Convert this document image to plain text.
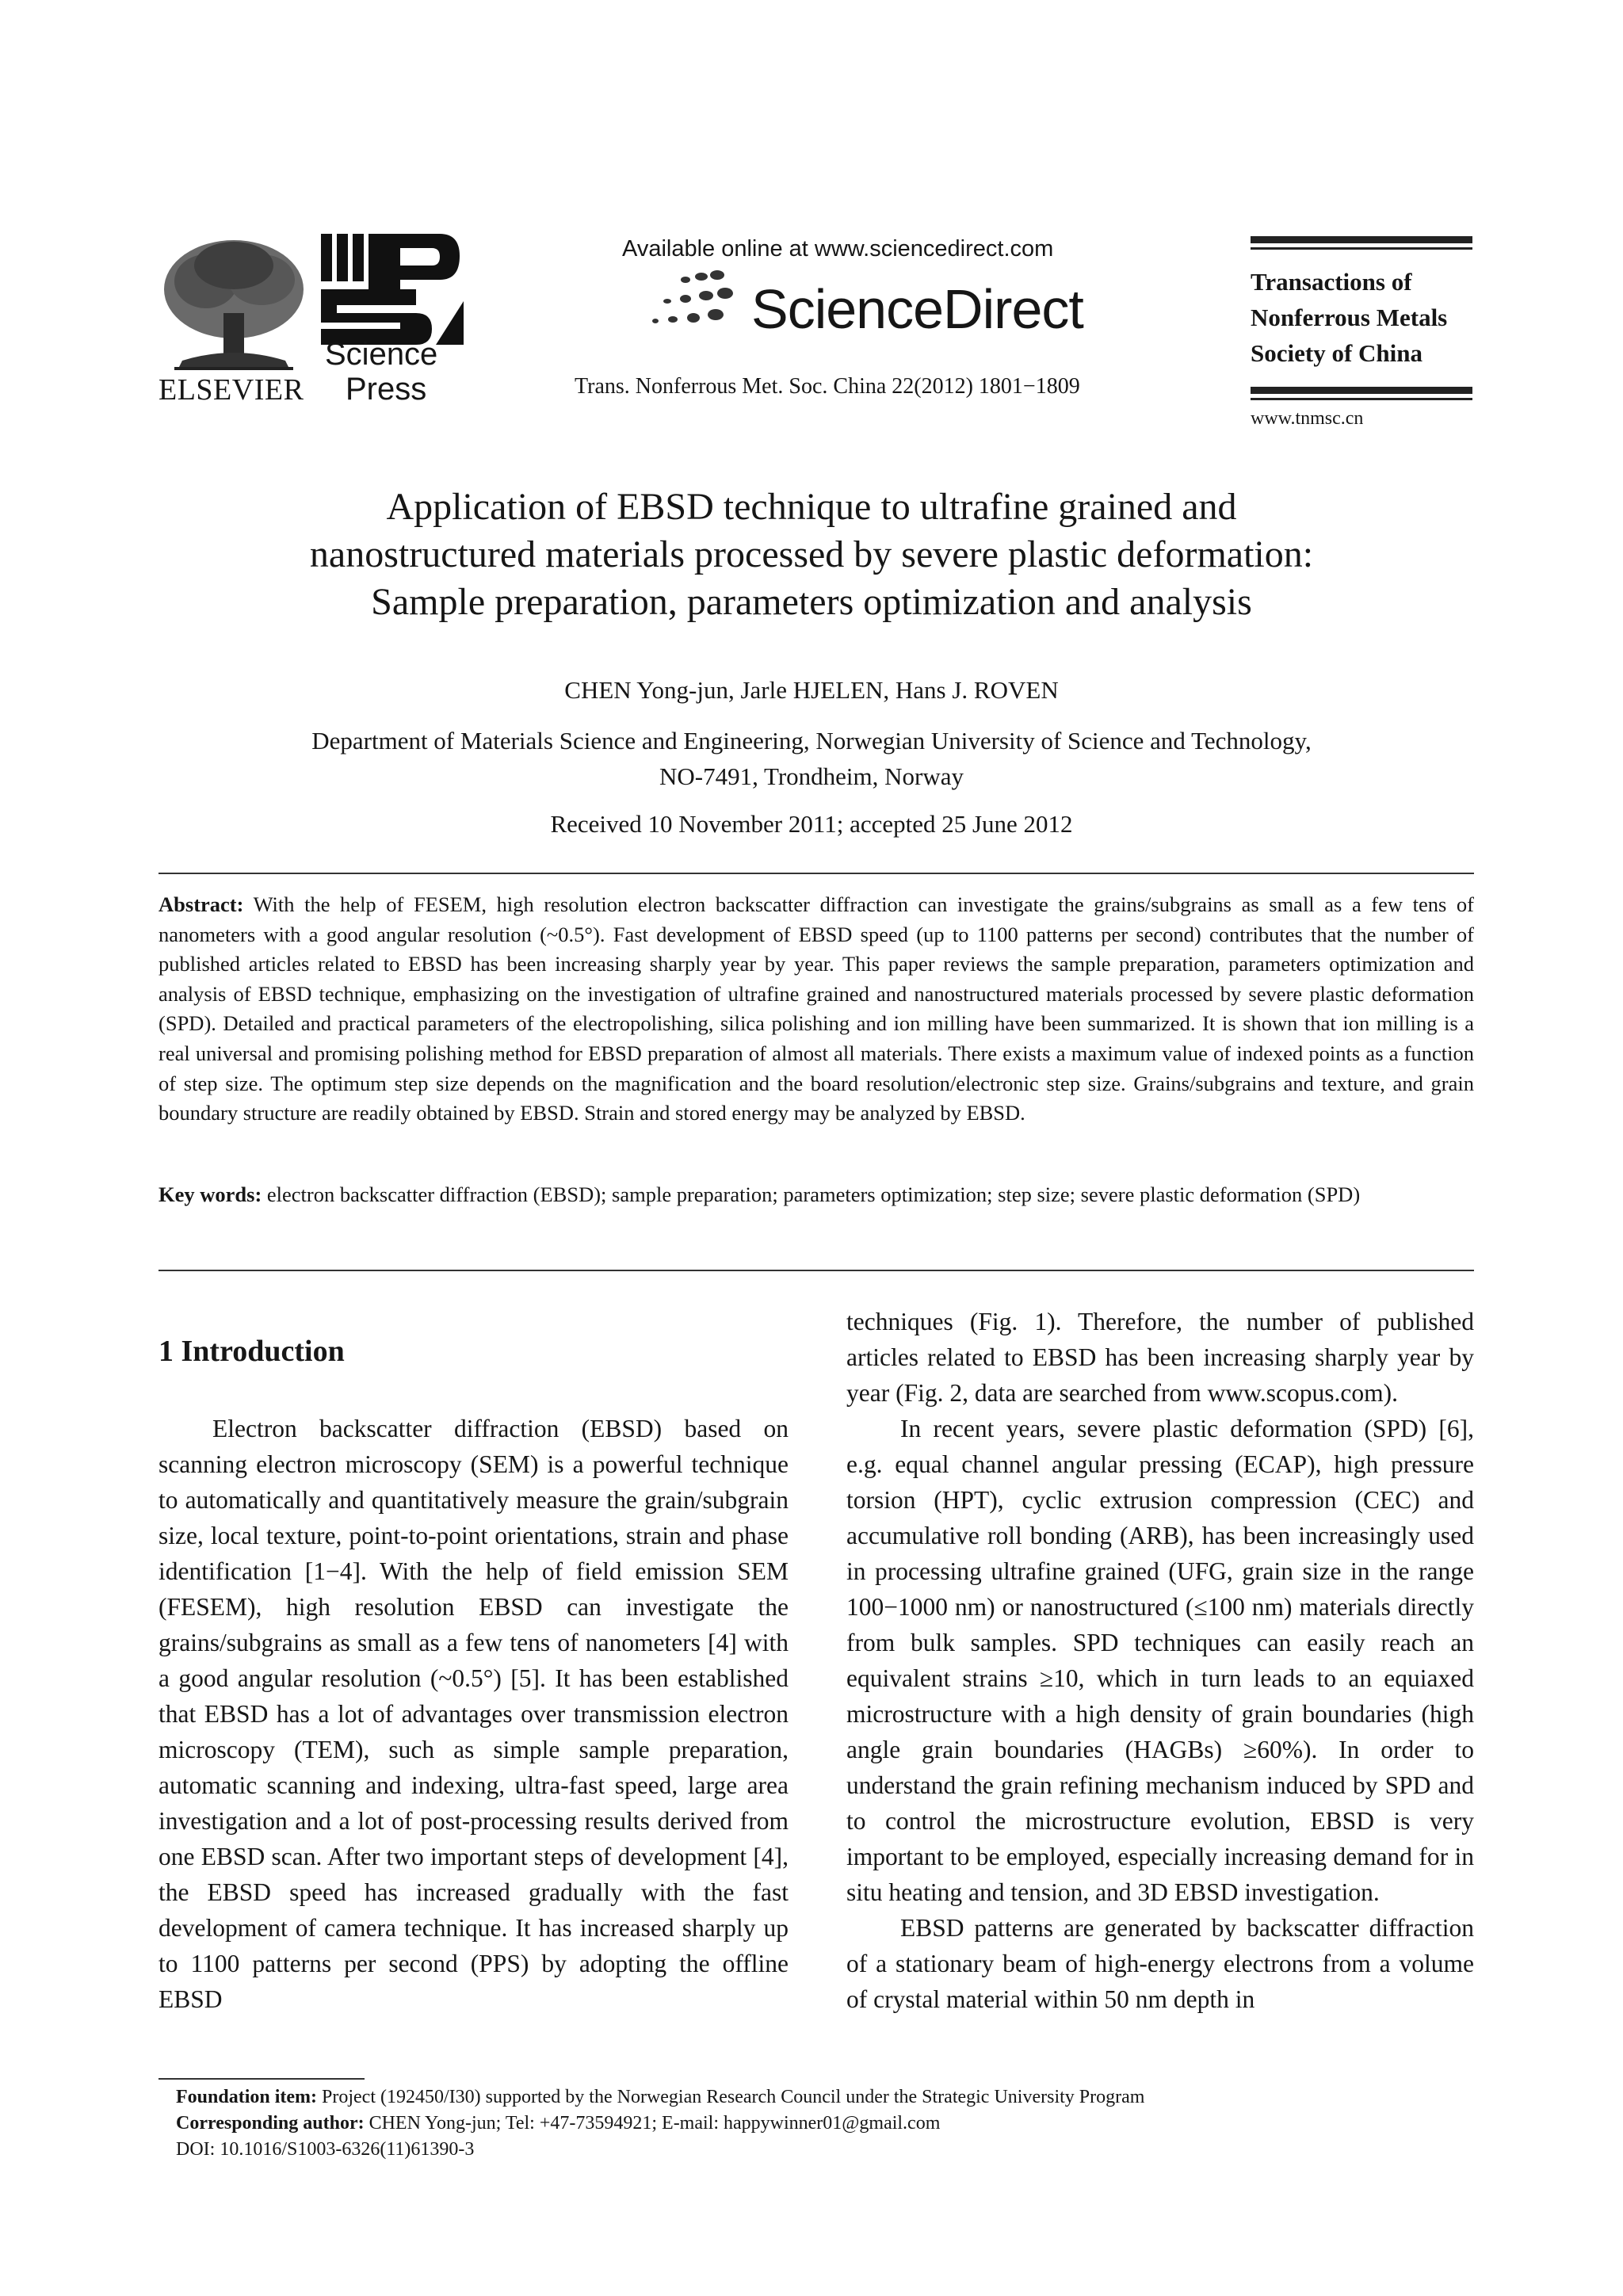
ELSEVIER
Science
Press
Available online at www.sciencedirect.com
ScienceDirect
Trans. Nonferrous Met. Soc. China 22(2012) 1801−1809
Transactions of
Nonferrous Metals
Society of China
www.tnmsc.cn
Application of EBSD technique to ultrafine grained and
nanostructured materials processed by severe plastic deformation:
Sample preparation, parameters optimization and analysis
CHEN Yong-jun, Jarle HJELEN, Hans J. ROVEN
Department of Materials Science and Engineering, Norwegian University of Science and Technology,
NO-7491, Trondheim, Norway
Received 10 November 2011; accepted 25 June 2012
Abstract: With the help of FESEM, high resolution electron backscatter diffraction can investigate the grains/subgrains as small as a few tens of nanometers with a good angular resolution (~0.5°). Fast development of EBSD speed (up to 1100 patterns per second) contributes that the number of published articles related to EBSD has been increasing sharply year by year. This paper reviews the sample preparation, parameters optimization and analysis of EBSD technique, emphasizing on the investigation of ultrafine grained and nanostructured materials processed by severe plastic deformation (SPD). Detailed and practical parameters of the electropolishing, silica polishing and ion milling have been summarized. It is shown that ion milling is a real universal and promising polishing method for EBSD preparation of almost all materials. There exists a maximum value of indexed points as a function of step size. The optimum step size depends on the magnification and the board resolution/electronic step size. Grains/subgrains and texture, and grain boundary structure are readily obtained by EBSD. Strain and stored energy may be analyzed by EBSD.
Key words: electron backscatter diffraction (EBSD); sample preparation; parameters optimization; step size; severe plastic deformation (SPD)
1 Introduction

Electron backscatter diffraction (EBSD) based on scanning electron microscopy (SEM) is a powerful technique to automatically and quantitatively measure the grain/subgrain size, local texture, point-to-point orientations, strain and phase identification [1−4]. With the help of field emission SEM (FESEM), high resolution EBSD can investigate the grains/subgrains as small as a few tens of nanometers [4] with a good angular resolution (~0.5°) [5]. It has been established that EBSD has a lot of advantages over transmission electron microscopy (TEM), such as simple sample preparation, automatic scanning and indexing, ultra-fast speed, large area investigation and a lot of post-processing results derived from one EBSD scan. After two important steps of development [4], the EBSD speed has increased gradually with the fast development of camera technique. It has increased sharply up to 1100 patterns per second (PPS) by adopting the offline EBSD

techniques (Fig. 1). Therefore, the number of published articles related to EBSD has been increasing sharply year by year (Fig. 2, data are searched from www.scopus.com).

In recent years, severe plastic deformation (SPD) [6], e.g. equal channel angular pressing (ECAP), high pressure torsion (HPT), cyclic extrusion compression (CEC) and accumulative roll bonding (ARB), has been increasingly used in processing ultrafine grained (UFG, grain size in the range 100−1000 nm) or nanostructured (≤100 nm) materials directly from bulk samples. SPD techniques can easily reach an equivalent strains ≥10, which in turn leads to an equiaxed microstructure with a high density of grain boundaries (high angle grain boundaries (HAGBs) ≥60%). In order to understand the grain refining mechanism induced by SPD and to control the microstructure evolution, EBSD is very important to be employed, especially increasing demand for in situ heating and tension, and 3D EBSD investigation.

EBSD patterns are generated by backscatter diffraction of a stationary beam of high-energy electrons from a volume of crystal material within 50 nm depth in

Foundation item: Project (192450/I30) supported by the Norwegian Research Council under the Strategic University Program
Corresponding author: CHEN Yong-jun; Tel: +47-73594921; E-mail: happywinner01@gmail.com
DOI: 10.1016/S1003-6326(11)61390-3
